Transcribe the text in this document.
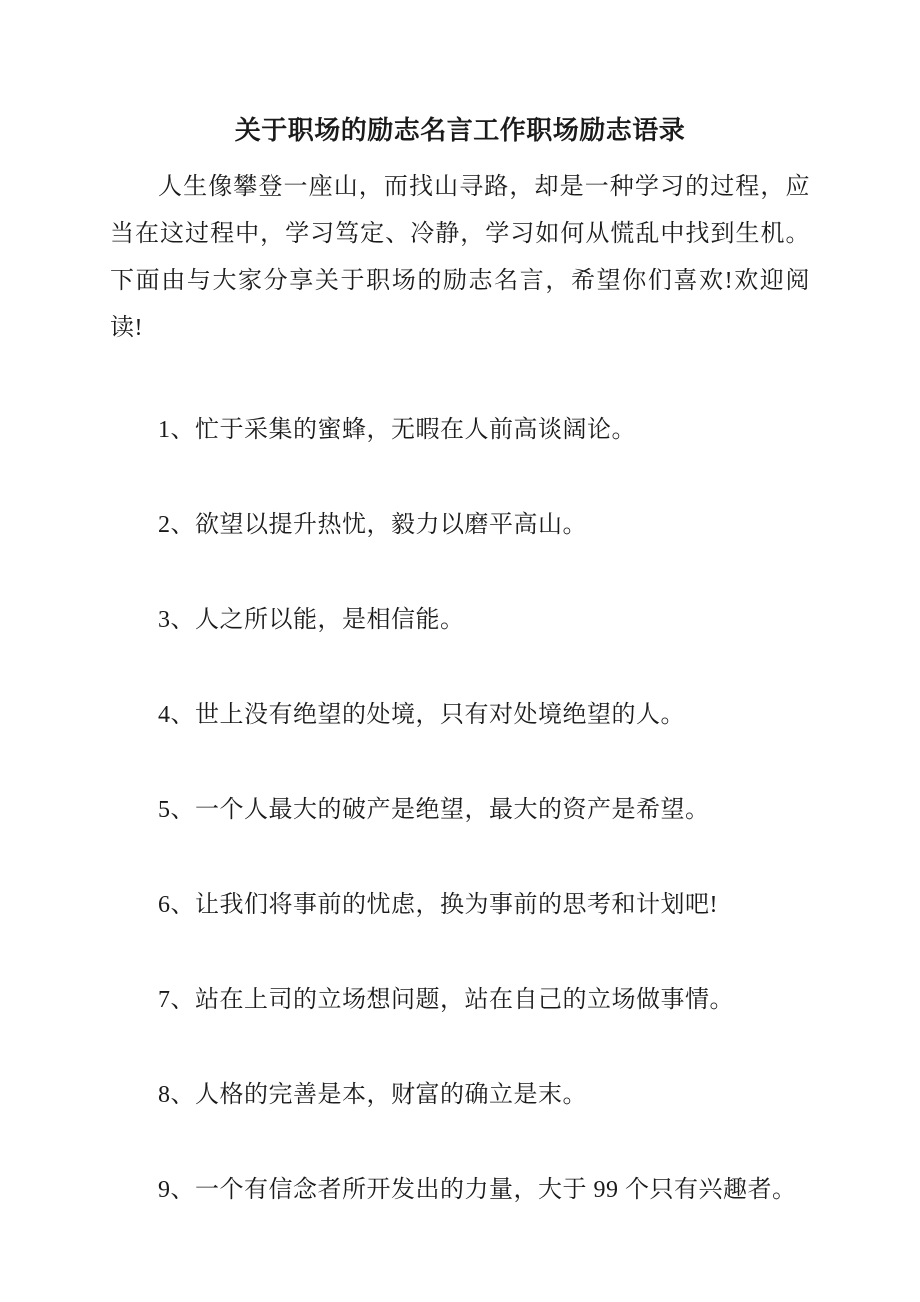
关于职场的励志名言工作职场励志语录

人生像攀登一座山，而找山寻路，却是一种学习的过程，应当在这过程中，学习笃定、冷静，学习如何从慌乱中找到生机。下面由与大家分享关于职场的励志名言，希望你们喜欢!欢迎阅读!

1、忙于采集的蜜蜂，无暇在人前高谈阔论。

2、欲望以提升热忧，毅力以磨平高山。

3、人之所以能，是相信能。

4、世上没有绝望的处境，只有对处境绝望的人。

5、一个人最大的破产是绝望，最大的资产是希望。

6、让我们将事前的忧虑，换为事前的思考和计划吧!

7、站在上司的立场想问题，站在自己的立场做事情。

8、人格的完善是本，财富的确立是末。

9、一个有信念者所开发出的力量，大于 99 个只有兴趣者。
